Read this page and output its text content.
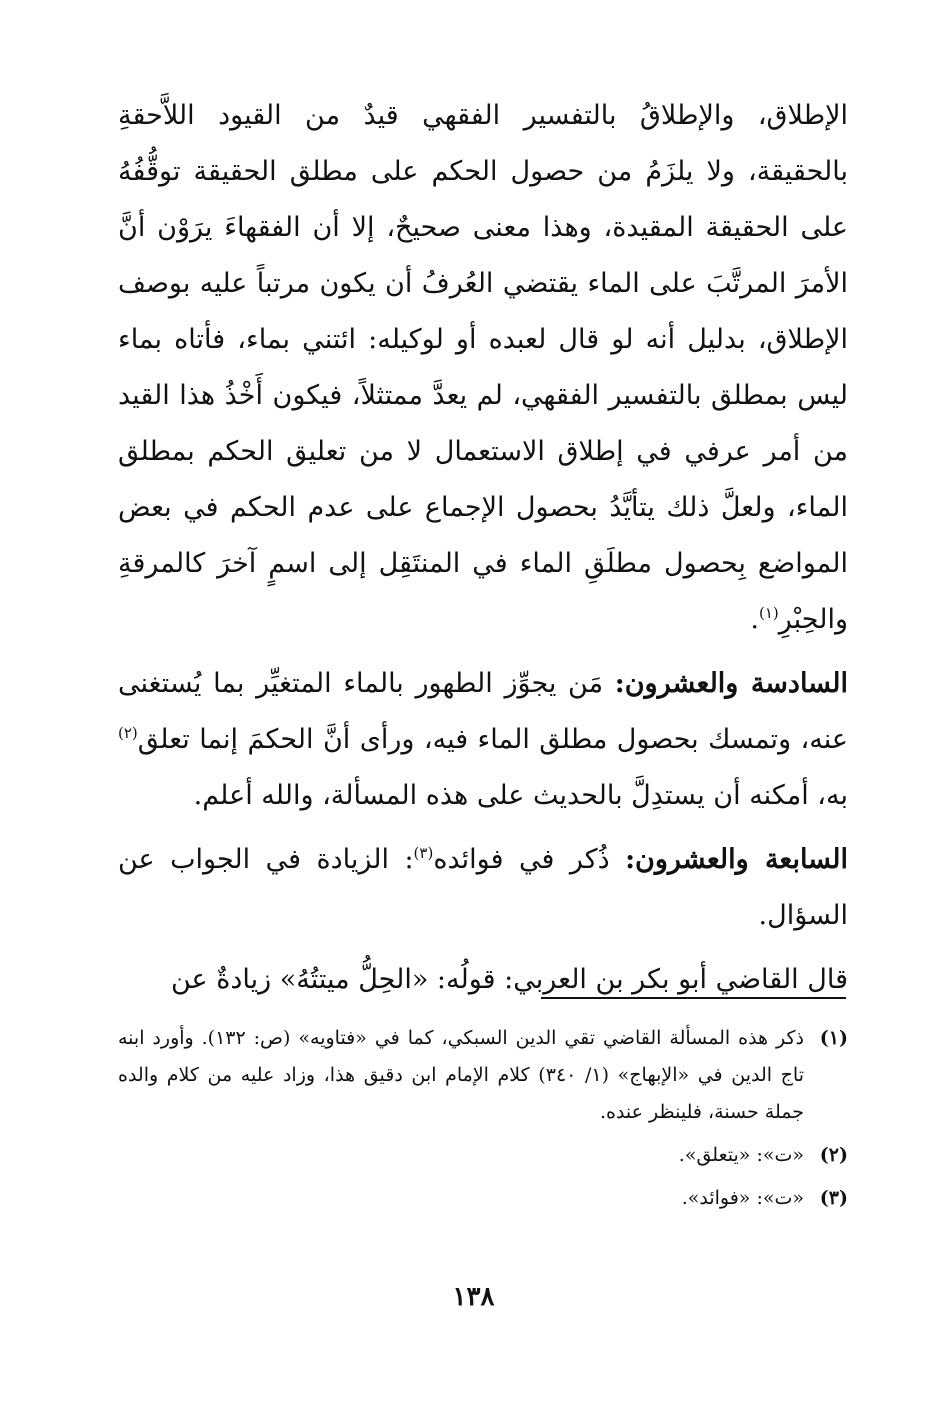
الإطلاق، والإطلاقُ بالتفسير الفقهي قيدٌ من القيود اللاَّحقةِ بالحقيقة، ولا يلزَمُ من حصول الحكم على مطلق الحقيقة توقُّفُهُ على الحقيقة المقيدة، وهذا معنى صحيحٌ، إلا أن الفقهاءَ يرَوْن أنَّ الأمرَ المرتَّبَ على الماء يقتضي العُرفُ أن يكون مرتباً عليه بوصف الإطلاق، بدليل أنه لو قال لعبده أو لوكيله: ائتني بماء، فأتاه بماء ليس بمطلق بالتفسير الفقهي، لم يعدَّ ممتثلاً، فيكون أَخْذُ هذا القيد من أمر عرفي في إطلاق الاستعمال لا من تعليق الحكم بمطلق الماء، ولعلَّ ذلك يتأيَّدُ بحصول الإجماع على عدم الحكم في بعض المواضع بِحصول مطلَقِ الماء في المنتَقِل إلى اسمٍ آخرَ كالمرقةِ والحِبْرِ$^{(١)}$.

السادسة والعشرون: مَن يجوِّز الطهور بالماء المتغيِّر بما يُستغنى عنه، وتمسك بحصول مطلق الماء فيه، ورأى أنَّ الحكمَ إنما تعلق$^{(٢)}$ به، أمكنه أن يستدِلَّ بالحديث على هذه المسألة، والله أعلم.

السابعة والعشرون: ذُكر في فوائده$^{(٣)}$: الزيادة في الجواب عن السؤال.

قال القاضي أبو بكر بن العربي: قولُه: «الحِلُّ ميتتُهُ» زيادةٌ عن

(١)
ذكر هذه المسألة القاضي تقي الدين السبكي، كما في «فتاويه» (ص: ١٣٢). وأورد ابنه تاج الدين في «الإبهاج» (١/ ٣٤٠) كلام الإمام ابن دقيق هذا، وزاد عليه من كلام والده جملة حسنة، فلينظر عنده.
(٢)
«ت»: «يتعلق».
(٣)
«ت»: «فوائد».
١٣٨
